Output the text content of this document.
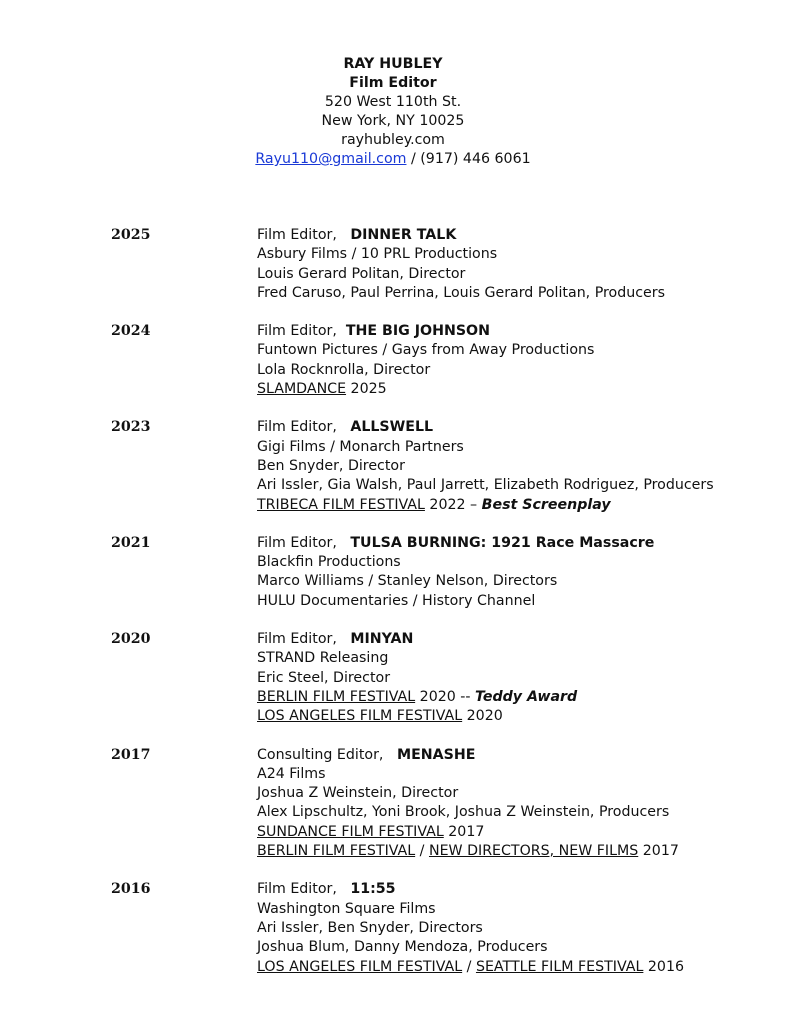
RAY HUBLEY
Film Editor
520 West 110th St.
New York, NY 10025
rayhubley.com
Rayu110@gmail.com / (917) 446 6061
2025	Film Editor, DINNER TALK
Asbury Films / 10 PRL Productions
Louis Gerard Politan, Director
Fred Caruso, Paul Perrina, Louis Gerard Politan, Producers
2024	Film Editor, THE BIG JOHNSON
Funtown Pictures / Gays from Away Productions
Lola Rocknrolla, Director
SLAMDANCE 2025
2023	Film Editor, ALLSWELL
Gigi Films / Monarch Partners
Ben Snyder, Director
Ari Issler, Gia Walsh, Paul Jarrett, Elizabeth Rodriguez, Producers
TRIBECA FILM FESTIVAL 2022 – Best Screenplay
2021	Film Editor, TULSA BURNING: 1921 Race Massacre
Blackfin Productions
Marco Williams / Stanley Nelson, Directors
HULU Documentaries / History Channel
2020	Film Editor, MINYAN
STRAND Releasing
Eric Steel, Director
BERLIN FILM FESTIVAL 2020 -- Teddy Award
LOS ANGELES FILM FESTIVAL 2020
2017	Consulting Editor, MENASHE
A24 Films
Joshua Z Weinstein, Director
Alex Lipschultz, Yoni Brook, Joshua Z Weinstein, Producers
SUNDANCE FILM FESTIVAL 2017
BERLIN FILM FESTIVAL / NEW DIRECTORS, NEW FILMS 2017
2016	Film Editor, 11:55
Washington Square Films
Ari Issler, Ben Snyder, Directors
Joshua Blum, Danny Mendoza, Producers
LOS ANGELES FILM FESTIVAL / SEATTLE FILM FESTIVAL 2016
